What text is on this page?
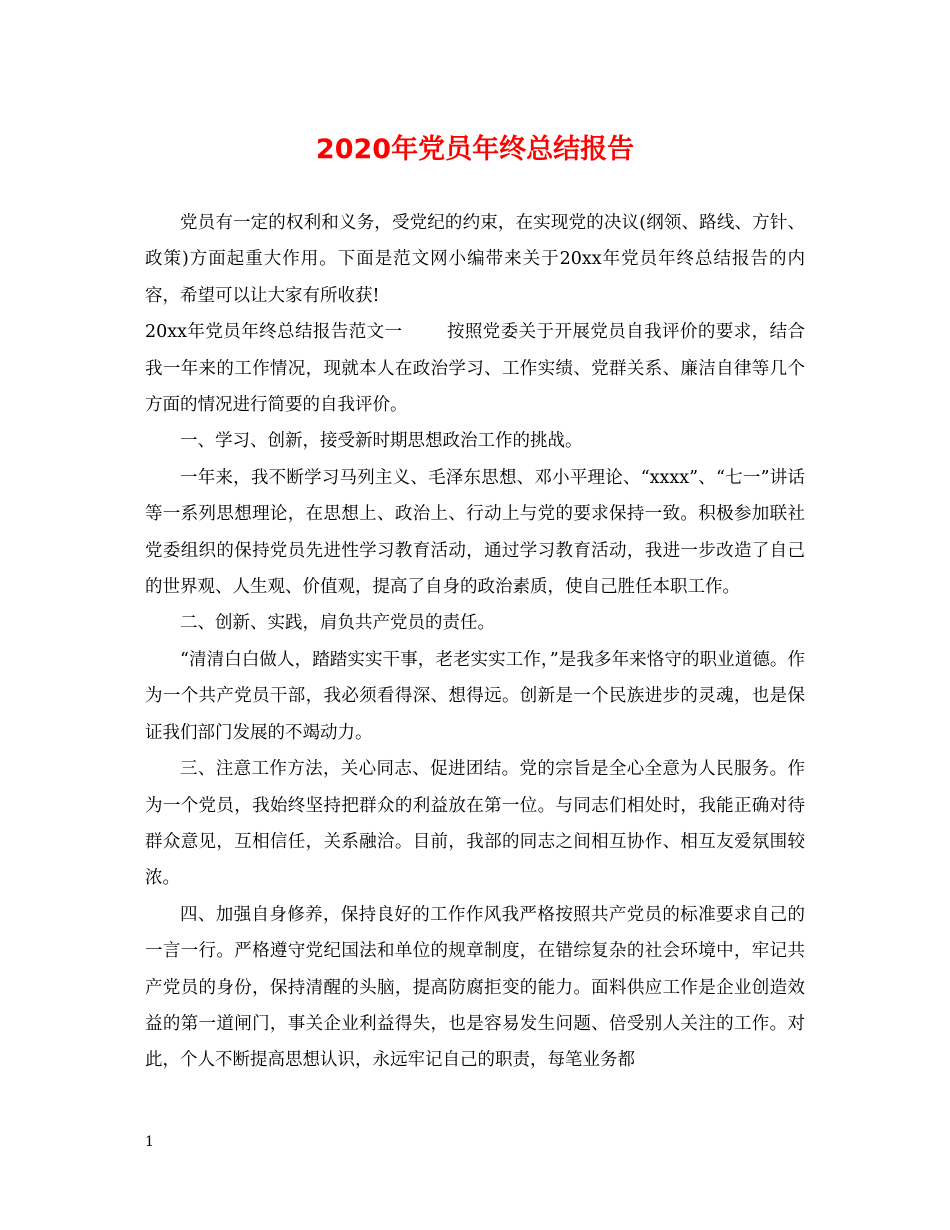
2020年党员年终总结报告

党员有一定的权利和义务，受党纪的约束，在实现党的决议(纲领、路线、方针、政策)方面起重大作用。下面是范文网小编带来关于20xx年党员年终总结报告的内容，希望可以让大家有所收获!

20xx年党员年终总结报告范文一	按照党委关于开展党员自我评价的要求，结合我一年来的工作情况，现就本人在政治学习、工作实绩、党群关系、廉洁自律等几个方面的情况进行简要的自我评价。

一、学习、创新，接受新时期思想政治工作的挑战。

一年来，我不断学习马列主义、毛泽东思想、邓小平理论、“xxxx”、“七一”讲话等一系列思想理论，在思想上、政治上、行动上与党的要求保持一致。积极参加联社党委组织的保持党员先进性学习教育活动，通过学习教育活动，我进一步改造了自己的世界观、人生观、价值观，提高了自身的政治素质，使自己胜任本职工作。

二、创新、实践，肩负共产党员的责任。

“清清白白做人，踏踏实实干事，老老实实工作，”是我多年来恪守的职业道德。作为一个共产党员干部，我必须看得深、想得远。创新是一个民族进步的灵魂，也是保证我们部门发展的不竭动力。

三、注意工作方法，关心同志、促进团结。党的宗旨是全心全意为人民服务。作为一个党员，我始终坚持把群众的利益放在第一位。与同志们相处时，我能正确对待群众意见，互相信任，关系融洽。目前，我部的同志之间相互协作、相互友爱氛围较浓。

四、加强自身修养，保持良好的工作作风我严格按照共产党员的标准要求自己的一言一行。严格遵守党纪国法和单位的规章制度，在错综复杂的社会环境中，牢记共产党员的身份，保持清醒的头脑，提高防腐拒变的能力。面料供应工作是企业创造效益的第一道闸门，事关企业利益得失，也是容易发生问题、倍受别人关注的工作。对此，个人不断提高思想认识，永远牢记自己的职责，每笔业务都

1
